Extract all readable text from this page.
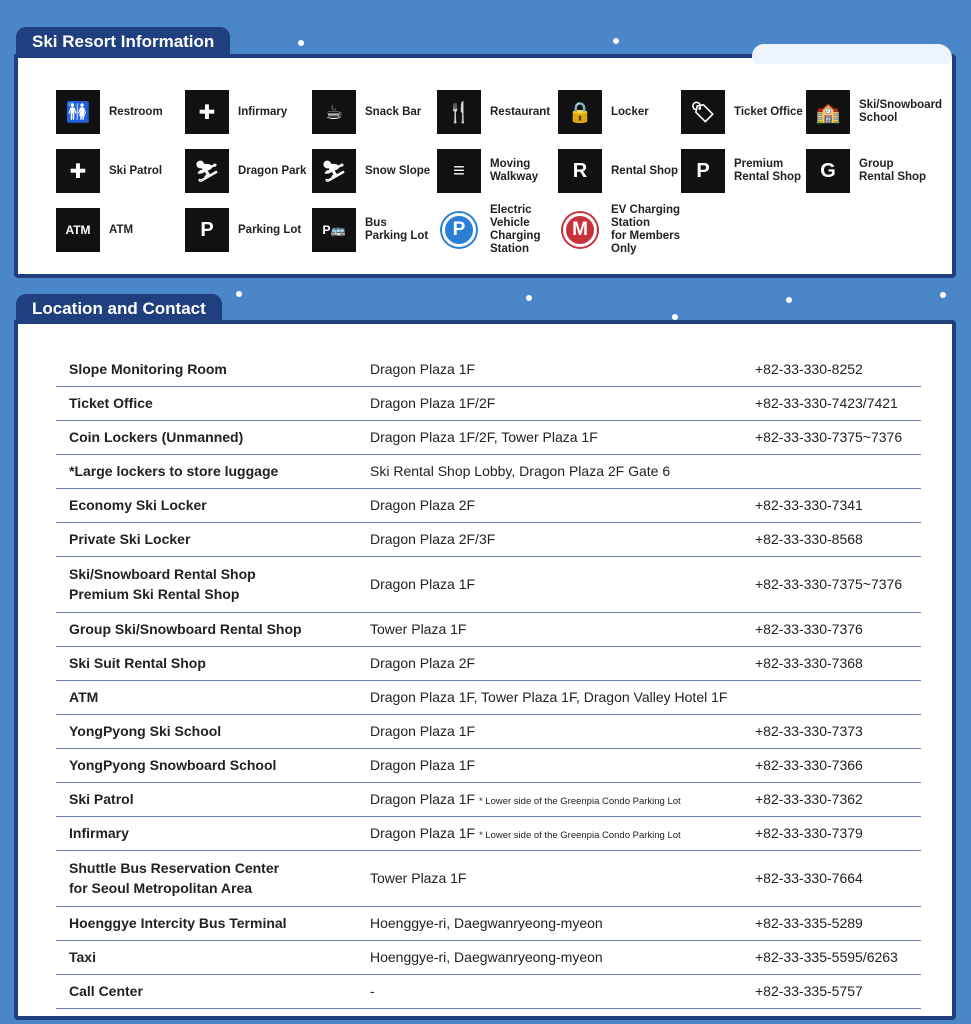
Ski Resort Information
🚻	Restroom	✚	Infirmary	☕	Snack Bar	🍴	Restaurant 🔒	Locker	🏷	Ticket Office 🏫	Ski/Snowboard
School
✚	Ski Patrol	⛷	Dragon Park ⛷	Snow Slope	≡	Moving
Walkway	R	Rental Shop P	Premium
Rental Shop G	Group
Rental Shop
ATM	ATM	P	Parking Lot	P🚌	Bus
Parking Lot	P
Electric Vehicle
Charging Station
M
EV Charging Station
for Members Only
Location and Contact
Slope Monitoring Room	Dragon Plaza 1F	+82-33-330-8252
Ticket Office	Dragon Plaza 1F/2F	+82-33-330-7423/7421
Coin Lockers (Unmanned)	Dragon Plaza 1F/2F, Tower Plaza 1F	+82-33-330-7375~7376
*Large lockers to store luggage	Ski Rental Shop Lobby, Dragon Plaza 2F Gate 6	
Economy Ski Locker	Dragon Plaza 2F	+82-33-330-7341
Private Ski Locker	Dragon Plaza 2F/3F	+82-33-330-8568
Ski/Snowboard Rental Shop
Premium Ski Rental Shop	Dragon Plaza 1F	+82-33-330-7375~7376
Group Ski/Snowboard Rental Shop	Tower Plaza 1F	+82-33-330-7376
Ski Suit Rental Shop	Dragon Plaza 2F	+82-33-330-7368
ATM	Dragon Plaza 1F, Tower Plaza 1F, Dragon Valley Hotel 1F	
YongPyong Ski School	Dragon Plaza 1F	+82-33-330-7373
YongPyong Snowboard School	Dragon Plaza 1F	+82-33-330-7366
Ski Patrol	Dragon Plaza 1F * Lower side of the Greenpia Condo Parking Lot	+82-33-330-7362
Infirmary	Dragon Plaza 1F * Lower side of the Greenpia Condo Parking Lot	+82-33-330-7379
Shuttle Bus Reservation Center
for Seoul Metropolitan Area	Tower Plaza 1F	+82-33-330-7664
Hoenggye Intercity Bus Terminal	Hoenggye-ri, Daegwanryeong-myeon	+82-33-335-5289
Taxi	Hoenggye-ri, Daegwanryeong-myeon	+82-33-335-5595/6263
Call Center	-	+82-33-335-5757
